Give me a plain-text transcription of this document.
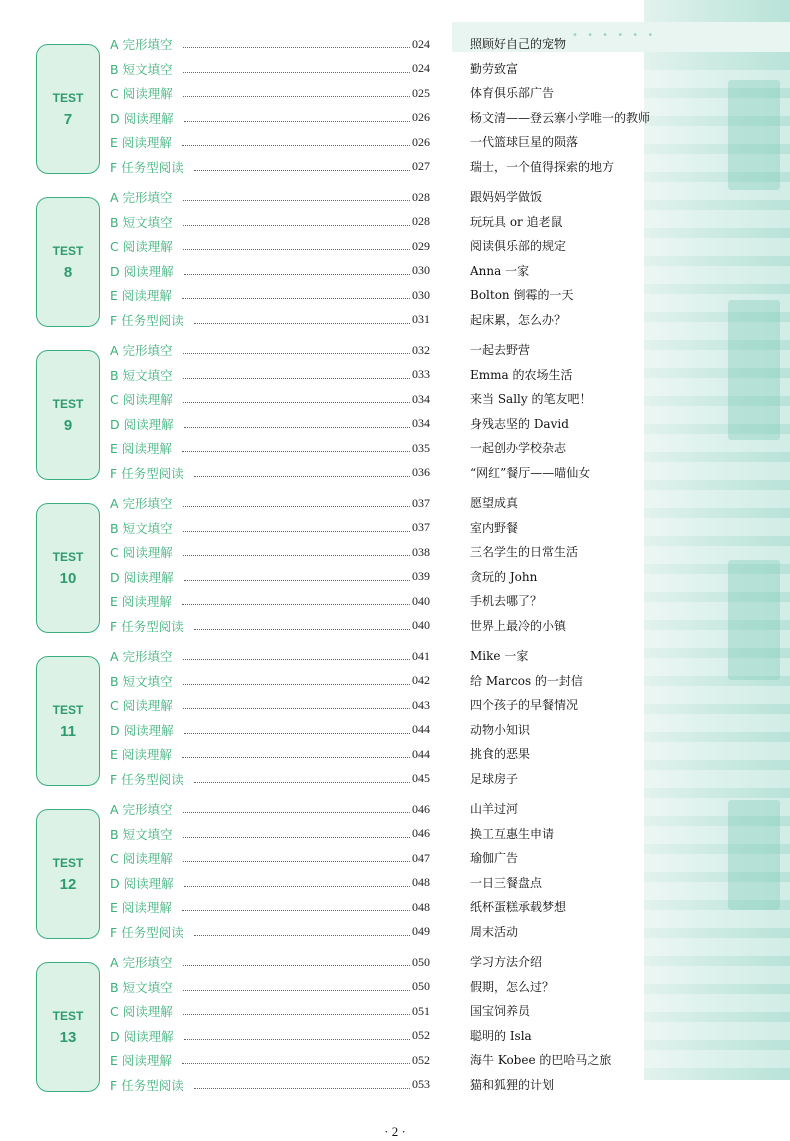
• • • • • •
TEST
7
A 完形填空	024	照顾好自己的宠物
B 短文填空	024	勤劳致富
C 阅读理解	025	体育俱乐部广告
D 阅读理解	026	杨文清——登云寨小学唯一的教师
E 阅读理解	026	一代篮球巨星的陨落
F 任务型阅读	027	瑞士，一个值得探索的地方
TEST
8
A 完形填空	028	跟妈妈学做饭
B 短文填空	028	玩玩具 or 追老鼠
C 阅读理解	029	阅读俱乐部的规定
D 阅读理解	030	Anna 一家
E 阅读理解	030	Bolton 倒霉的一天
F 任务型阅读	031	起床累，怎么办？
TEST
9
A 完形填空	032	一起去野营
B 短文填空	033	Emma 的农场生活
C 阅读理解	034	来当 Sally 的笔友吧！
D 阅读理解	034	身残志坚的 David
E 阅读理解	035	一起创办学校杂志
F 任务型阅读	036	“网红”餐厅——喵仙女
TEST
10
A 完形填空	037	愿望成真
B 短文填空	037	室内野餐
C 阅读理解	038	三名学生的日常生活
D 阅读理解	039	贪玩的 John
E 阅读理解	040	手机去哪了？
F 任务型阅读	040	世界上最冷的小镇
TEST
11
A 完形填空	041	Mike 一家
B 短文填空	042	给 Marcos 的一封信
C 阅读理解	043	四个孩子的早餐情况
D 阅读理解	044	动物小知识
E 阅读理解	044	挑食的恶果
F 任务型阅读	045	足球房子
TEST
12
A 完形填空	046	山羊过河
B 短文填空	046	换工互惠生申请
C 阅读理解	047	瑜伽广告
D 阅读理解	048	一日三餐盘点
E 阅读理解	048	纸杯蛋糕承载梦想
F 任务型阅读	049	周末活动
TEST
13
A 完形填空	050	学习方法介绍
B 短文填空	050	假期，怎么过？
C 阅读理解	051	国宝饲养员
D 阅读理解	052	聪明的 Isla
E 阅读理解	052	海牛 Kobee 的巴哈马之旅
F 任务型阅读	053	猫和狐狸的计划
· 2 ·
